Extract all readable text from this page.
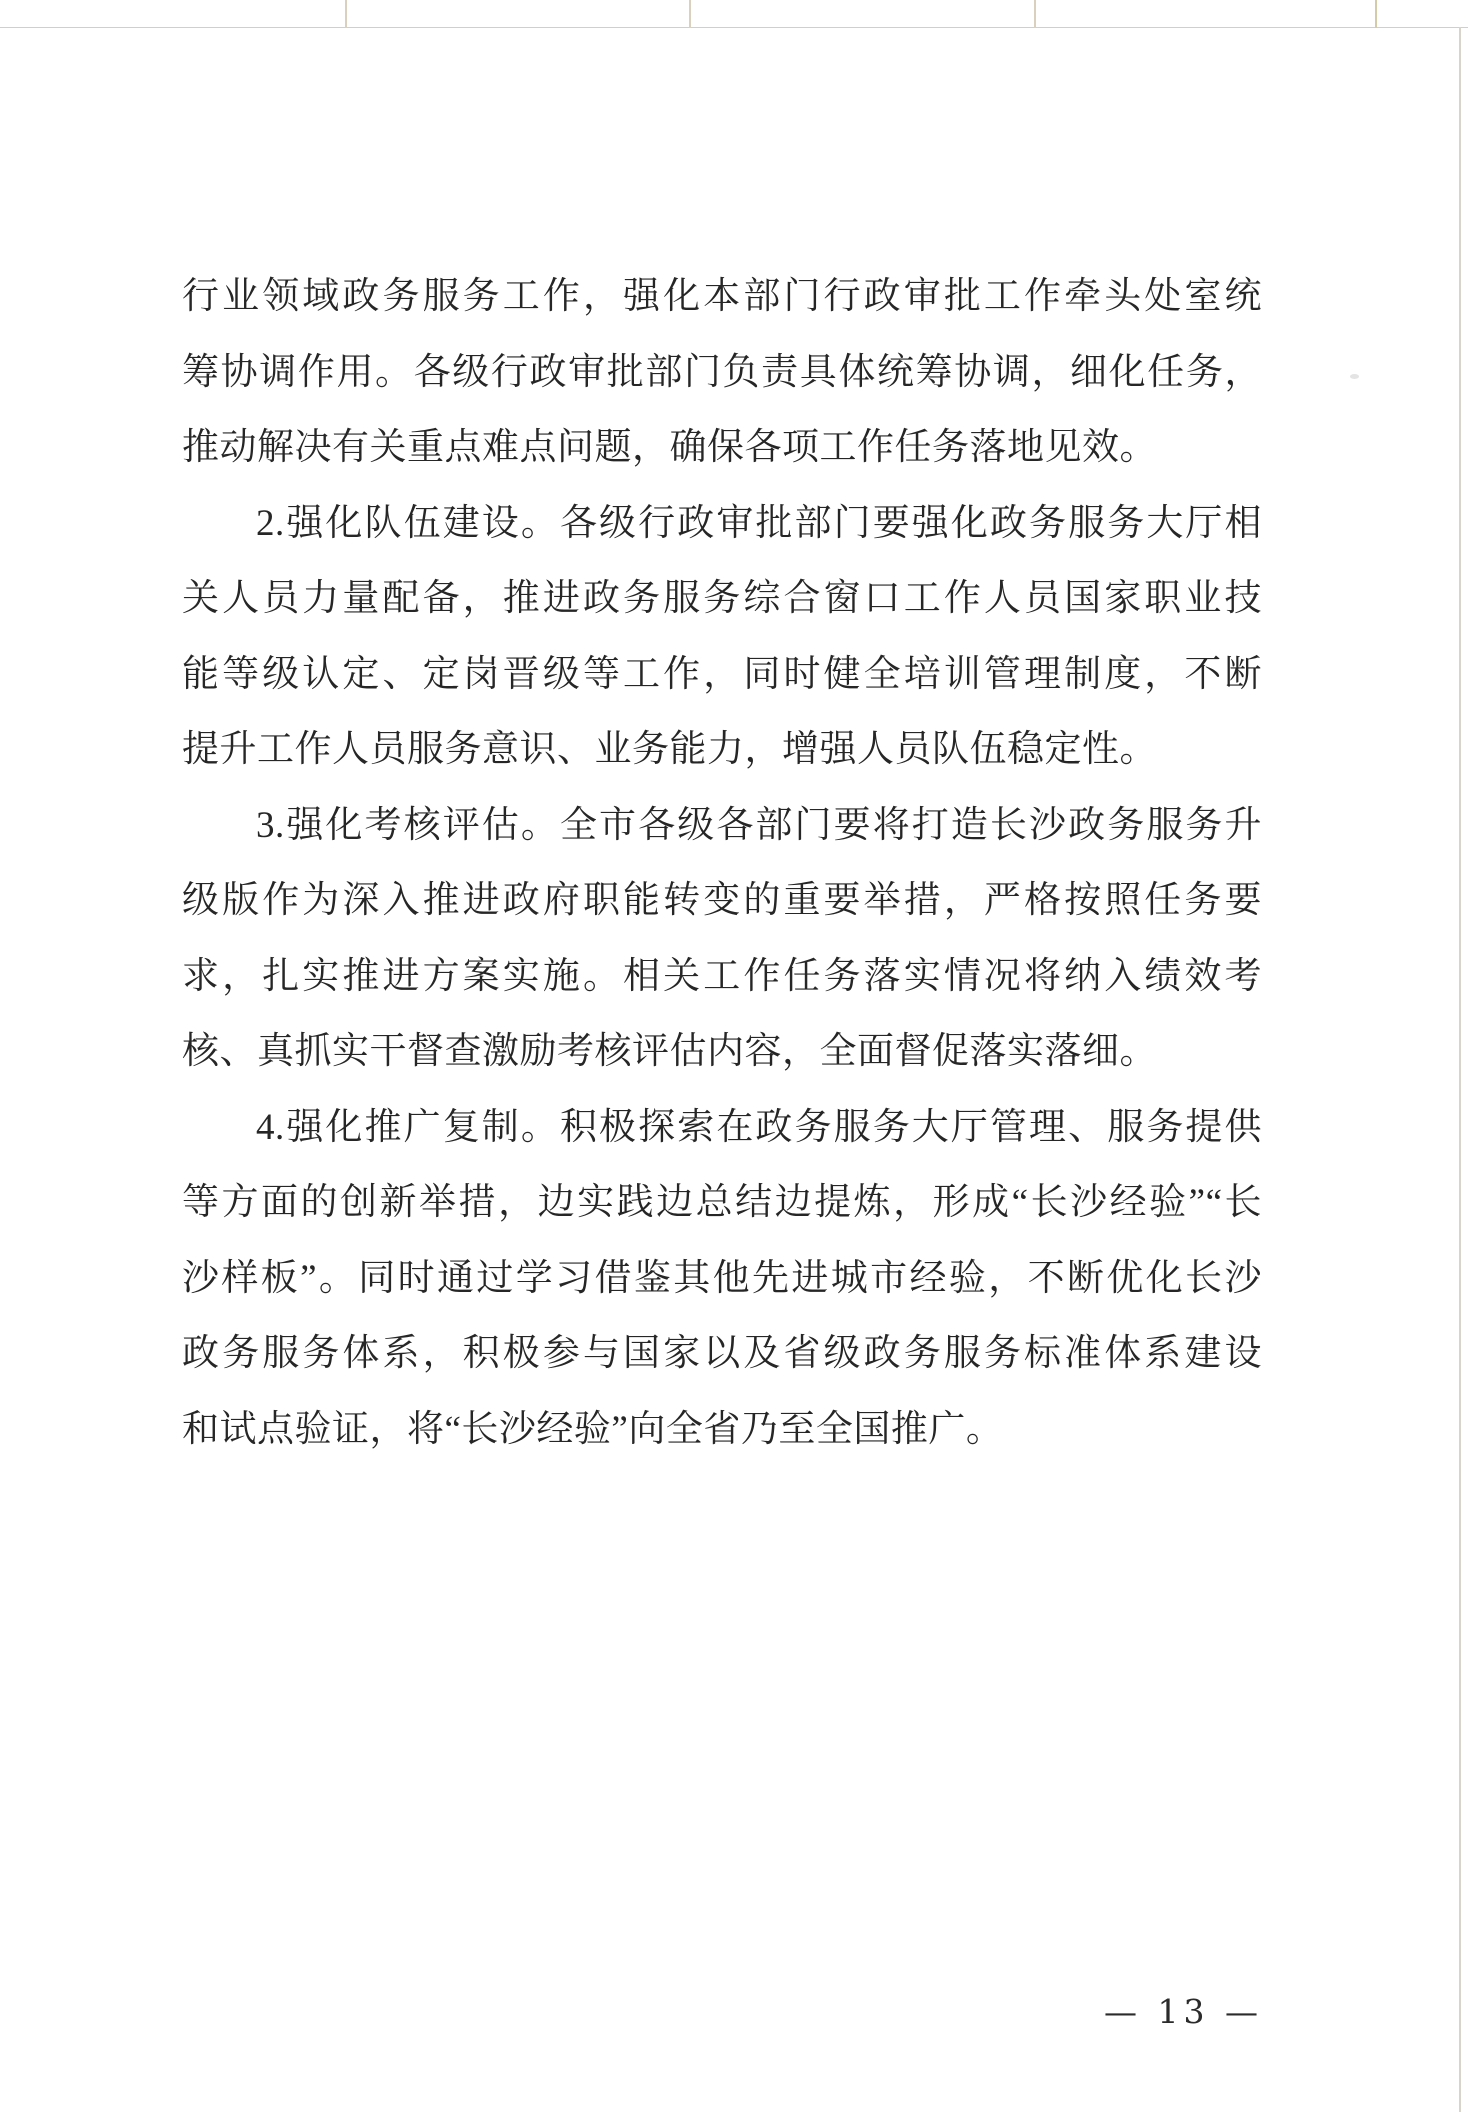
行业领域政务服务工作，强化本部门行政审批工作牵头处室统
筹协调作用。各级行政审批部门负责具体统筹协调，细化任务，
推动解决有关重点难点问题，确保各项工作任务落地见效。
2.强化队伍建设。各级行政审批部门要强化政务服务大厅相
关人员力量配备，推进政务服务综合窗口工作人员国家职业技
能等级认定、定岗晋级等工作，同时健全培训管理制度，不断
提升工作人员服务意识、业务能力，增强人员队伍稳定性。
3.强化考核评估。全市各级各部门要将打造长沙政务服务升
级版作为深入推进政府职能转变的重要举措，严格按照任务要
求，扎实推进方案实施。相关工作任务落实情况将纳入绩效考
核、真抓实干督查激励考核评估内容，全面督促落实落细。
4.强化推广复制。积极探索在政务服务大厅管理、服务提供
等方面的创新举措，边实践边总结边提炼，形成“长沙经验”“长
沙样板”。同时通过学习借鉴其他先进城市经验，不断优化长沙
政务服务体系，积极参与国家以及省级政务服务标准体系建设
和试点验证，将“长沙经验”向全省乃至全国推广。
— 13 —
